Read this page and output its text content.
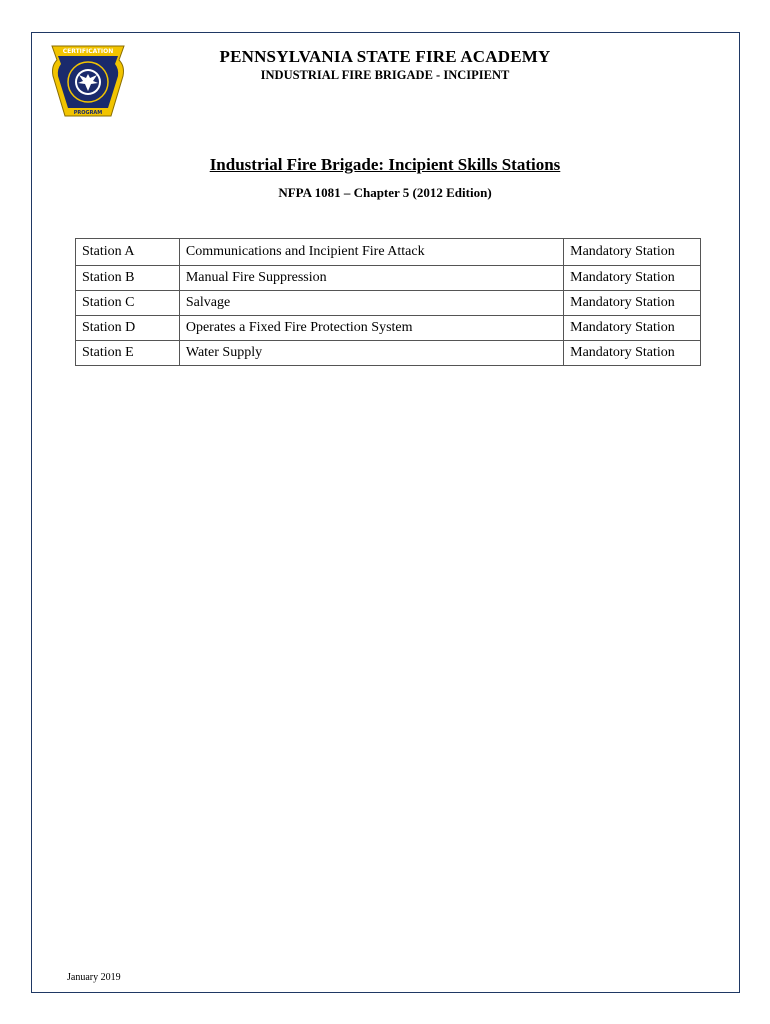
CERTIFICATION
PROGRAM
PENNSYLVANIA STATE FIRE ACADEMY
INDUSTRIAL FIRE BRIGADE - INCIPIENT
Industrial Fire Brigade: Incipient Skills Stations
NFPA 1081 – Chapter 5 (2012 Edition)
Station A	Communications and Incipient Fire Attack	Mandatory Station
Station B	Manual Fire Suppression	Mandatory Station
Station C	Salvage	Mandatory Station
Station D	Operates a Fixed Fire Protection System	Mandatory Station
Station E	Water Supply	Mandatory Station
January 2019
